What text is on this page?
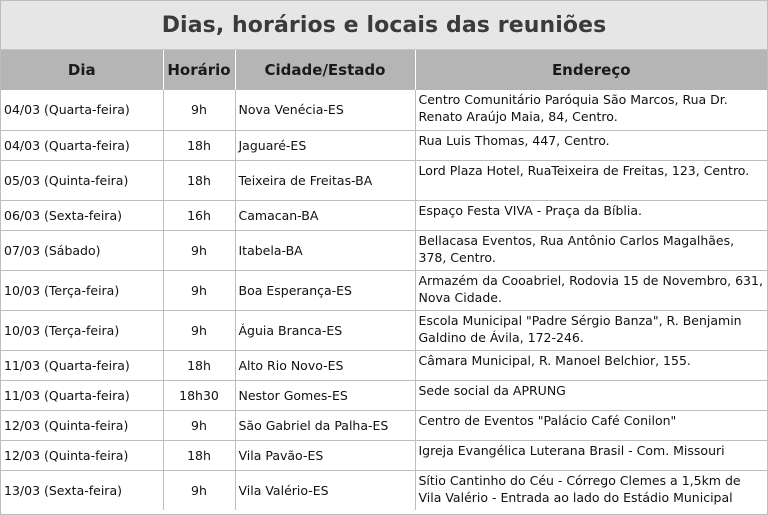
Dias, horários e locais das reuniões
Dia	Horário	Cidade/Estado	Endereço
04/03 (Quarta-feira)	9h	Nova Venécia-ES	Centro Comunitário Paróquia São Marcos, Rua Dr. Renato Araújo Maia, 84, Centro.
04/03 (Quarta-feira)	18h	Jaguaré-ES	Rua Luis Thomas, 447, Centro.
05/03 (Quinta-feira)	18h	Teixeira de Freitas-BA	Lord Plaza Hotel, RuaTeixeira de Freitas, 123, Centro.
06/03 (Sexta-feira)	16h	Camacan-BA	Espaço Festa VIVA - Praça da Bíblia.
07/03 (Sábado)	9h	Itabela-BA	Bellacasa Eventos, Rua Antônio Carlos Magalhães, 378, Centro.
10/03 (Terça-feira)	9h	Boa Esperança-ES	Armazém da Cooabriel, Rodovia 15 de Novembro, 631, Nova Cidade.
10/03 (Terça-feira)	9h	Águia Branca-ES	Escola Municipal "Padre Sérgio Banza", R. Benjamin Galdino de Ávila, 172-246.
11/03 (Quarta-feira)	18h	Alto Rio Novo-ES	Câmara Municipal, R. Manoel Belchior, 155.
11/03 (Quarta-feira)	18h30	Nestor Gomes-ES	Sede social da APRUNG
12/03 (Quinta-feira)	9h	São Gabriel da Palha-ES	Centro de Eventos "Palácio Café Conilon"
12/03 (Quinta-feira)	18h	Vila Pavão-ES	Igreja Evangélica Luterana Brasil - Com. Missouri
13/03 (Sexta-feira)	9h	Vila Valério-ES	Sítio Cantinho do Céu - Córrego Clemes a 1,5km de Vila Valério - Entrada ao lado do Estádio Municipal
